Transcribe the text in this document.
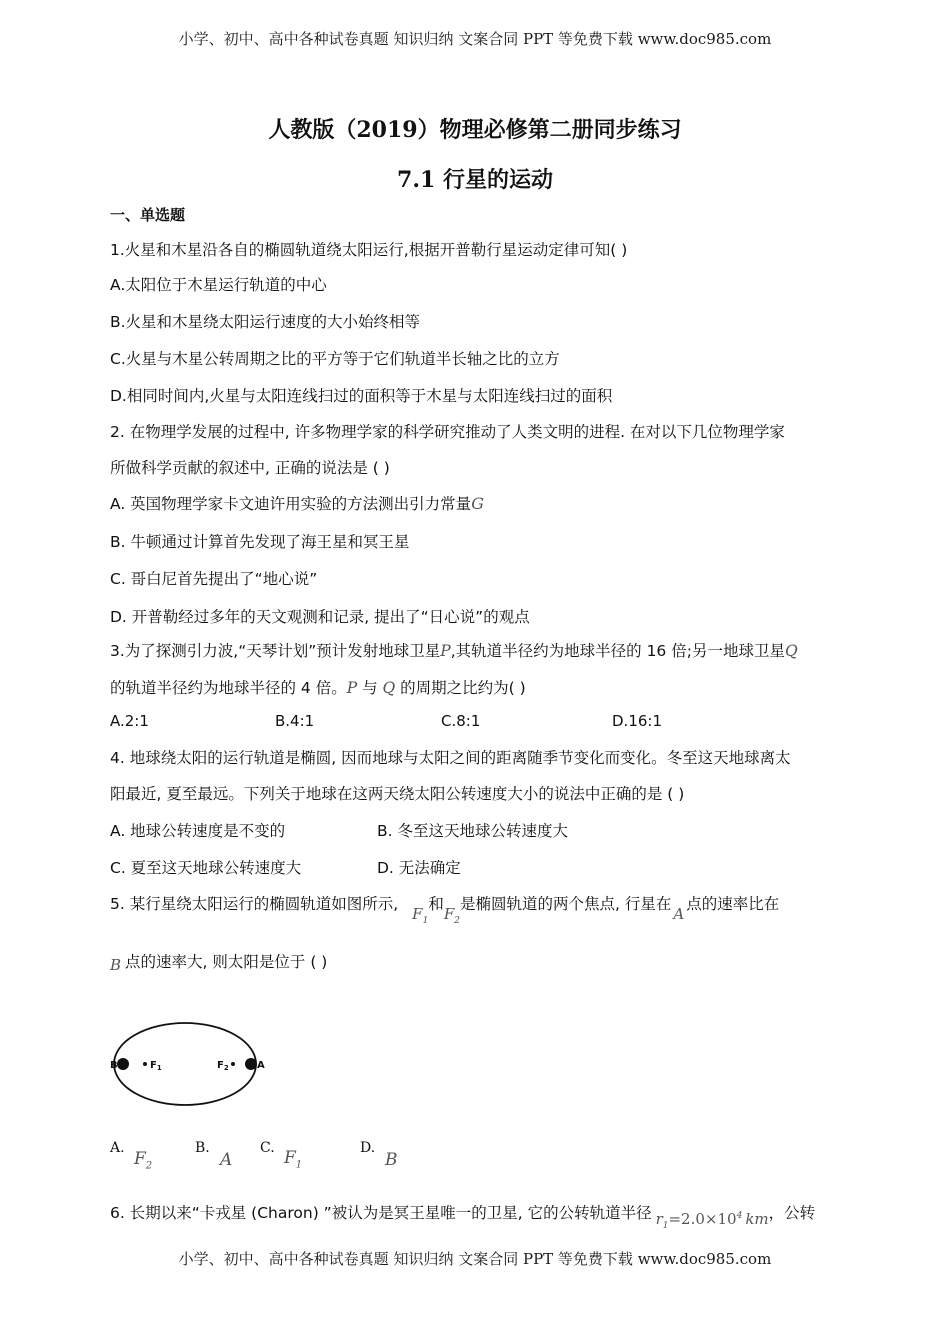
小学、初中、高中各种试卷真题 知识归纳 文案合同 PPT 等免费下载 www.doc985.com
小学、初中、高中各种试卷真题 知识归纳 文案合同 PPT 等免费下载 www.doc985.com
人教版（2019）物理必修第二册同步练习
7.1 行星的运动
一、单选题
1.火星和木星沿各自的椭圆轨道绕太阳运行,根据开普勒行星运动定律可知( )
A.太阳位于木星运行轨道的中心
B.火星和木星绕太阳运行速度的大小始终相等
C.火星与木星公转周期之比的平方等于它们轨道半长轴之比的立方
D.相同时间内,火星与太阳连线扫过的面积等于木星与太阳连线扫过的面积
2. 在物理学发展的过程中, 许多物理学家的科学研究推动了人类文明的进程. 在对以下几位物理学家
所做科学贡献的叙述中, 正确的说法是 ( )
A. 英国物理学家卡文迪许用实验的方法测出引力常量G
B. 牛顿通过计算首先发现了海王星和冥王星
C. 哥白尼首先提出了“地心说”
D. 开普勒经过多年的天文观测和记录, 提出了“日心说”的观点
3.为了探测引力波,“天琴计划”预计发射地球卫星P,其轨道半径约为地球半径的 16 倍;另一地球卫星Q
的轨道半径约为地球半径的 4 倍。P 与 Q 的周期之比约为( )
A.2:1	B.4:1	C.8:1	D.16:1
4. 地球绕太阳的运行轨道是椭圆, 因而地球与太阳之间的距离随季节变化而变化。冬至这天地球离太
阳最近, 夏至最远。下列关于地球在这两天绕太阳公转速度大小的说法中正确的是 ( )
A. 地球公转速度是不变的	B. 冬至这天地球公转速度大
C. 夏至这天地球公转速度大	D. 无法确定
5. 某行星绕太阳运行的椭圆轨道如图所示$,F_1$和$F_2$是椭圆轨道的两个焦点, 行星在A点的速率比在
B 点的速率大, 则太阳是位于 ( )
B	$F_1$	$F_2$	A
A.
$F_2$
B.
A
C. $F_1$
D.
B
6. 长期以来“卡戎星 (Charon) ”被认为是冥王星唯一的卫星, 它的公转轨道半径 $r_1=2.0\times 10^4$ km，公转
